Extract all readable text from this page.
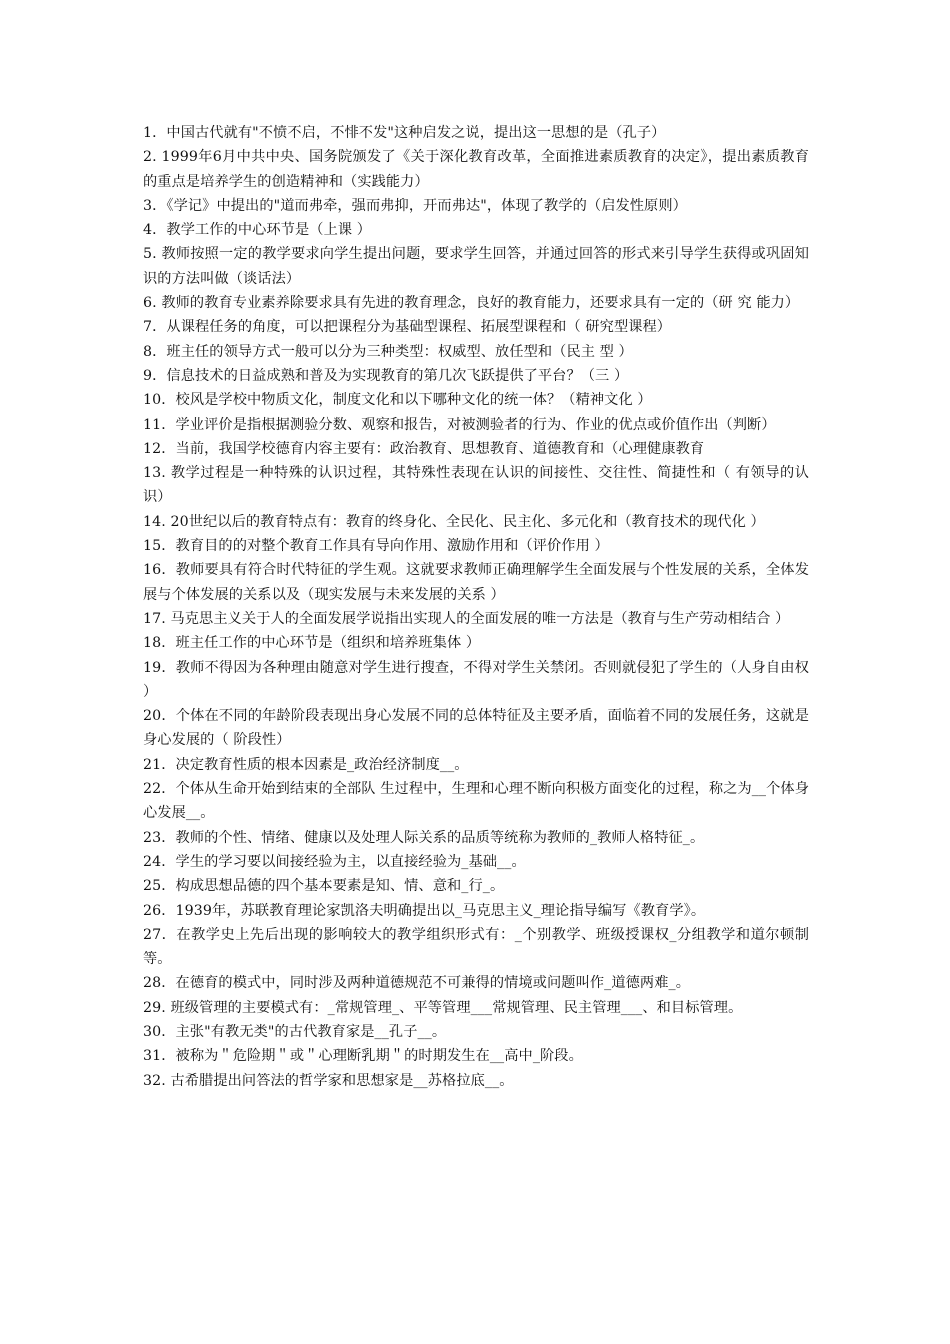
1．中国古代就有"不愤不启，不悱不发"这种启发之说，提出这一思想的是（孔子）

2. 1999年6月中共中央、国务院颁发了《关于深化教育改革，全面推进素质教育的决定》，提出素质教育的重点是培养学生的创造精神和（实践能力）

3．《学记》中提出的"道而弗牵，强而弗抑，开而弗达"，体现了教学的（启发性原则）

4．教学工作的中心环节是（上课 ）

5. 教师按照一定的教学要求向学生提出问题，要求学生回答，并通过回答的形式来引导学生获得或巩固知识的方法叫做（谈话法）

6. 教师的教育专业素养除要求具有先进的教育理念，良好的教育能力，还要求具有一定的（研 究 能力）

7．从课程任务的角度，可以把课程分为基础型课程、拓展型课程和（ 研究型课程）

8．班主任的领导方式一般可以分为三种类型：权威型、放任型和（民主 型 ）

9．信息技术的日益成熟和普及为实现教育的第几次飞跃提供了平台？（三 ）

10．校风是学校中物质文化，制度文化和以下哪种文化的统一体？（精神文化 ）

11．学业评价是指根据测验分数、观察和报告，对被测验者的行为、作业的优点或价值作出（判断）

12．当前，我国学校德育内容主要有：政治教育、思想教育、道德教育和（心理健康教育

13. 教学过程是一种特殊的认识过程，其特殊性表现在认识的间接性、交往性、简捷性和（ 有领导的认识）

14. 20世纪以后的教育特点有：教育的终身化、全民化、民主化、多元化和（教育技术的现代化 ）

15．教育目的的对整个教育工作具有导向作用、激励作用和（评价作用 ）

16．教师要具有符合时代特征的学生观。这就要求教师正确理解学生全面发展与个性发展的关系，全体发展与个体发展的关系以及（现实发展与未来发展的关系 ）

17. 马克思主义关于人的全面发展学说指出实现人的全面发展的唯一方法是（教育与生产劳动相结合 ）

18．班主任工作的中心环节是（组织和培养班集体 ）

19．教师不得因为各种理由随意对学生进行搜查，不得对学生关禁闭。否则就侵犯了学生的（人身自由权 ）

20．个体在不同的年龄阶段表现出身心发展不同的总体特征及主要矛盾，面临着不同的发展任务，这就是身心发展的（ 阶段性）

21．决定教育性质的根本因素是_政治经济制度__。

22．个体从生命开始到结束的全部队 生过程中，生理和心理不断向积极方面变化的过程，称之为__个体身心发展__。

23．教师的个性、情绪、健康以及处理人际关系的品质等统称为教师的_教师人格特征_。

24．学生的学习要以间接经验为主，以直接经验为_基础__。

25．构成思想品德的四个基本要素是知、情、意和_行_。

26．1939年，苏联教育理论家凯洛夫明确提出以_马克思主义_理论指导编写《教育学》。

27．在教学史上先后出现的影响较大的教学组织形式有：_个别教学、班级授课权_分组教学和道尔顿制等。

28．在德育的模式中，同时涉及两种道德规范不可兼得的情境或问题叫作_道德两难_。

29. 班级管理的主要模式有：_常规管理_、平等管理___常规管理、民主管理___、和目标管理。

30．主张"有教无类"的古代教育家是__孔子__。

31．被称为＂危险期＂或＂心理断乳期＂的时期发生在__高中_阶段。

32. 古希腊提出问答法的哲学家和思想家是__苏格拉底__。
